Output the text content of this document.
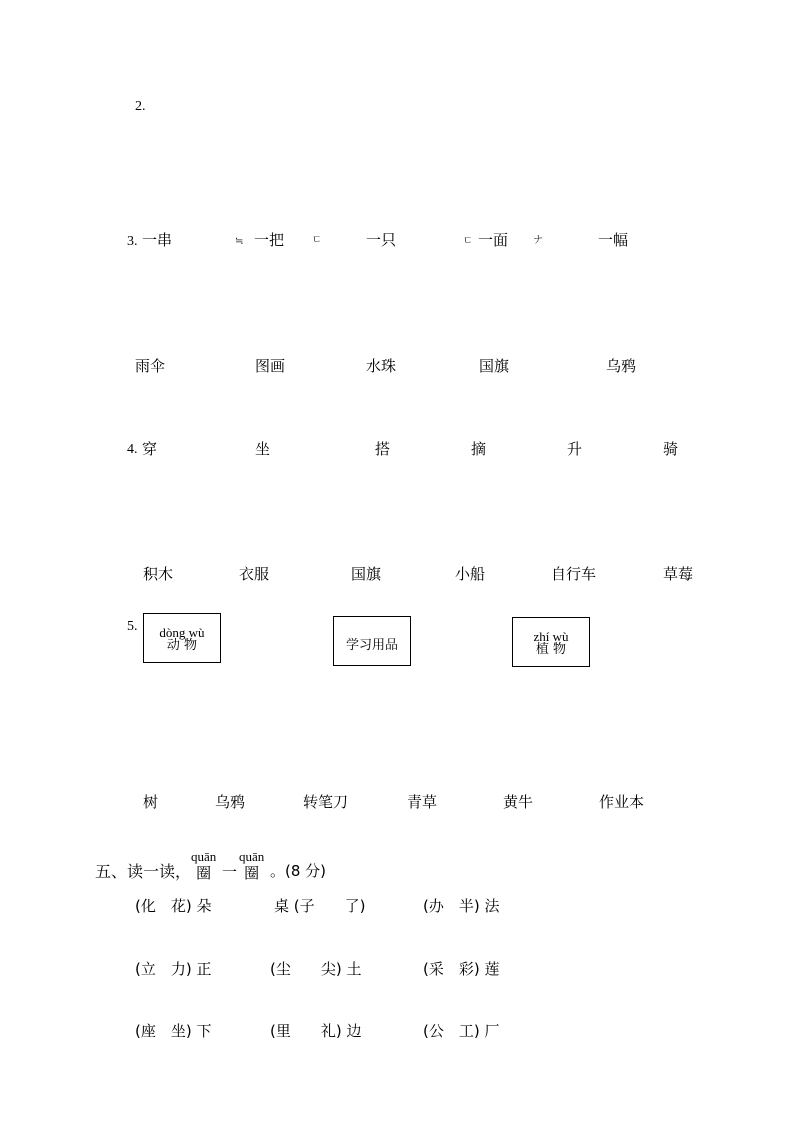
2.
3. 一串	≒ 一把	ㄷ	一只	ㄷ 一面 ナ	一幅
雨伞	图画	水珠	国旗	乌鸦
4. 穿	坐	搭	摘	升	骑
积木	衣服	国旗	小船	自行车	草莓
5.	dòng wù
动 物	学习用品
zhí wù
植 物
树	乌鸦	转笔刀	青草	黄牛	作业本
五、读一读，
quān
圈 一
quān
圈 。(8 分)
(化　花) 朵	桌 (子　　了)	(办　半) 法
(立　力) 正	(尘　　尖) 土	(采　彩) 莲
(座　坐) 下	(里　　礼) 边	(公　工) 厂
